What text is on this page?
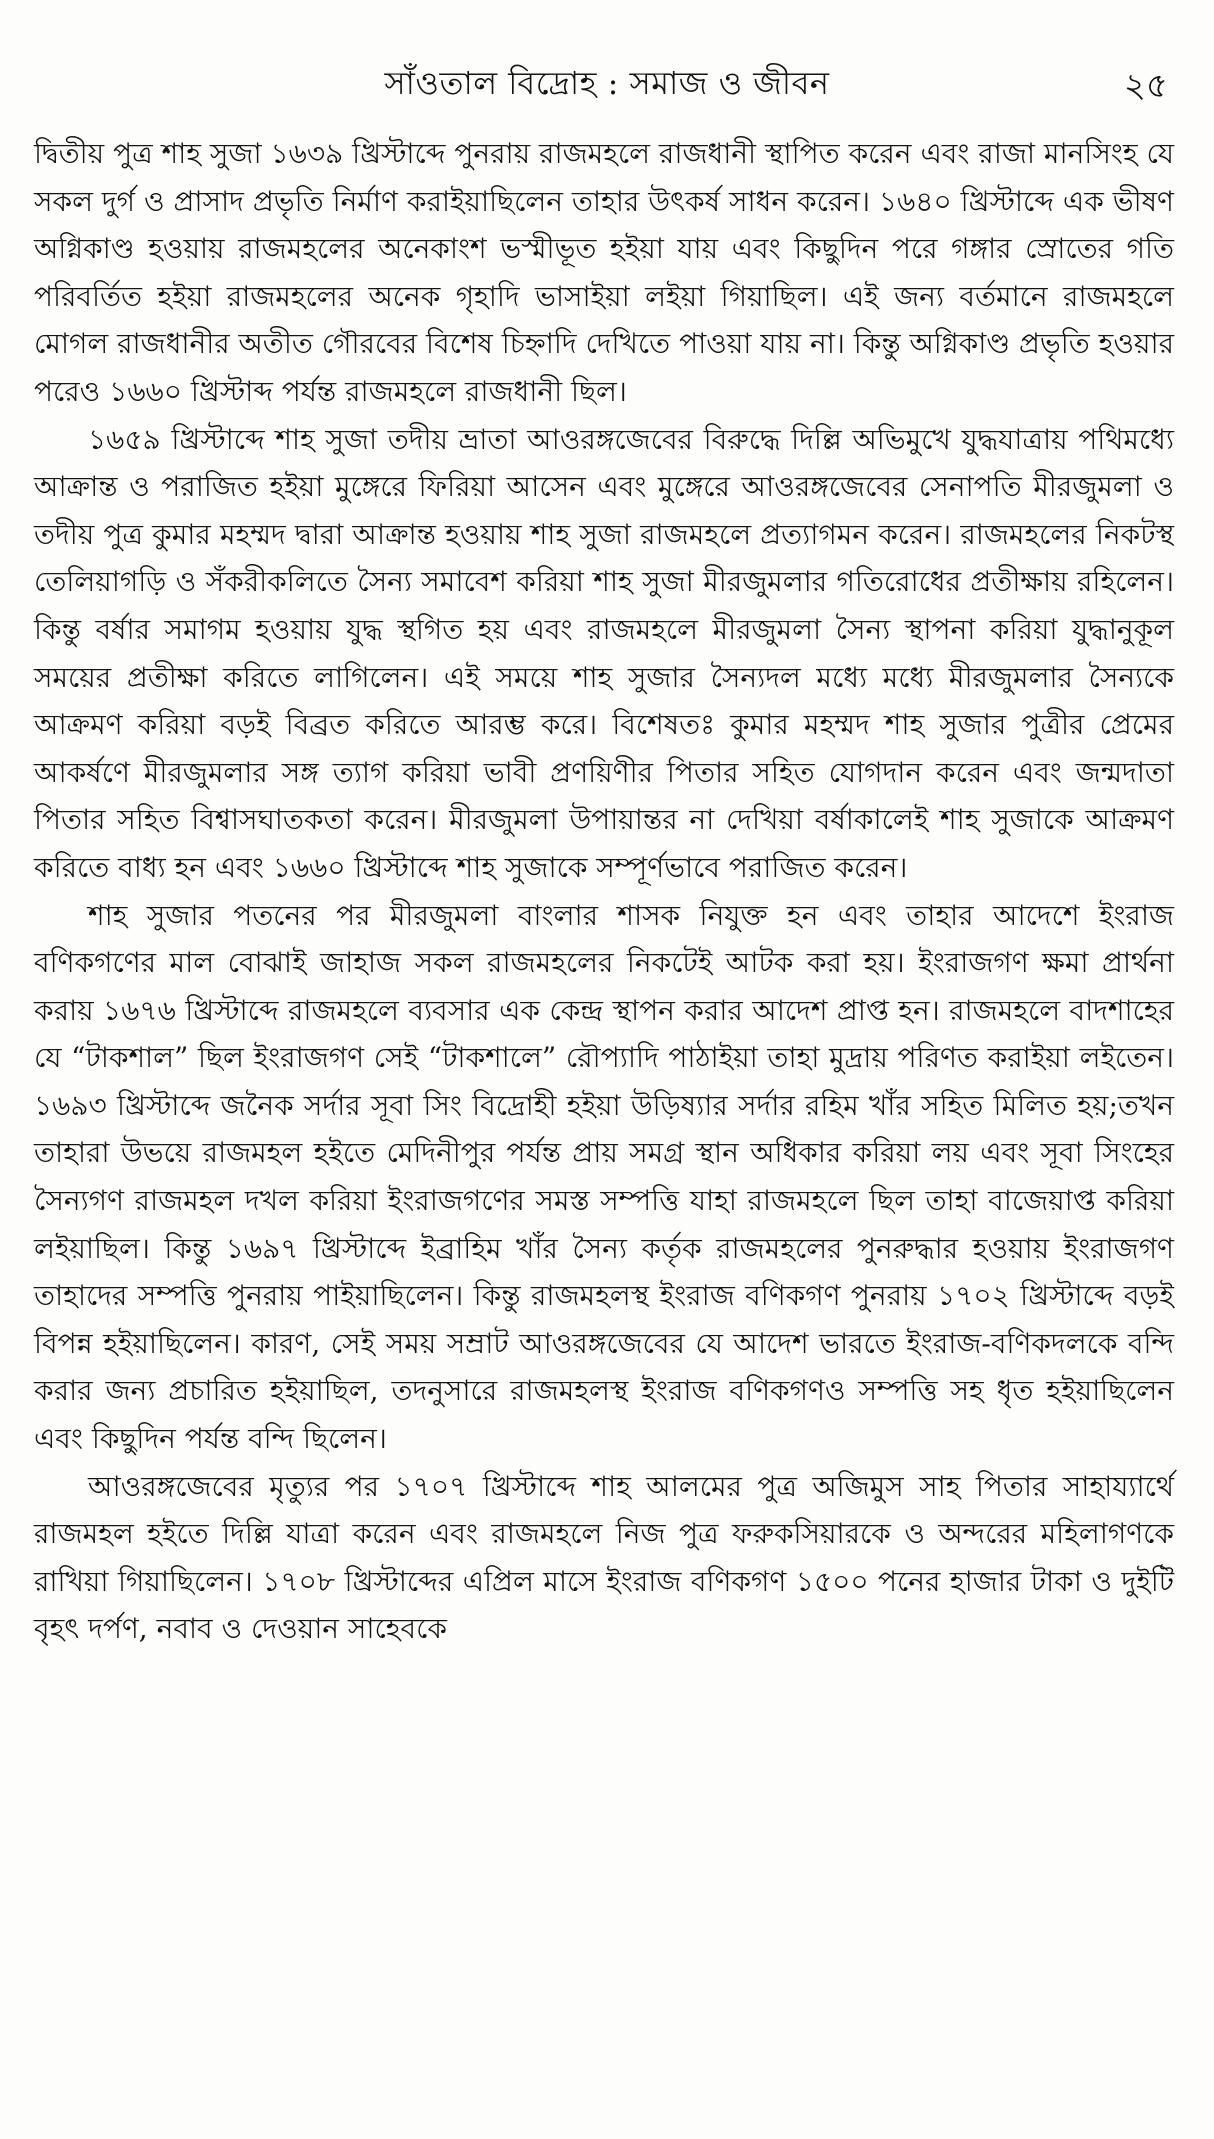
সাঁওতাল বিদ্রোহ : সমাজ ও জীবন	২৫

দ্বিতীয় পুত্র শাহ সুজা ১৬৩৯ খ্রিস্টাব্দে পুনরায় রাজমহলে রাজধানী স্থাপিত করেন এবং রাজা মানসিংহ যে সকল দুর্গ ও প্রাসাদ প্রভৃতি নির্মাণ করাইয়াছিলেন তাহার উৎকর্ষ সাধন করেন। ১৬৪০ খ্রিস্টাব্দে এক ভীষণ অগ্নিকাণ্ড হওয়ায় রাজমহলের অনেকাংশ ভস্মীভূত হইয়া যায় এবং কিছুদিন পরে গঙ্গার স্রোতের গতি পরিবর্তিত হইয়া রাজমহলের অনেক গৃহাদি ভাসাইয়া লইয়া গিয়াছিল। এই জন্য বর্তমানে রাজমহলে মোগল রাজধানীর অতীত গৌরবের বিশেষ চিহ্নাদি দেখিতে পাওয়া যায় না। কিন্তু অগ্নিকাণ্ড প্রভৃতি হওয়ার পরেও ১৬৬০ খ্রিস্টাব্দ পর্যন্ত রাজমহলে রাজধানী ছিল।

১৬৫৯ খ্রিস্টাব্দে শাহ সুজা তদীয় ভ্রাতা আওরঙ্গজেবের বিরুদ্ধে দিল্লি অভিমুখে যুদ্ধযাত্রায় পথিমধ্যে আক্রান্ত ও পরাজিত হইয়া মুঙ্গেরে ফিরিয়া আসেন এবং মুঙ্গেরে আওরঙ্গজেবের সেনাপতি মীরজুমলা ও তদীয় পুত্র কুমার মহম্মদ দ্বারা আক্রান্ত হওয়ায় শাহ সুজা রাজমহলে প্রত্যাগমন করেন। রাজমহলের নিকটস্থ তেলিয়াগড়ি ও সঁকরীকলিতে সৈন্য সমাবেশ করিয়া শাহ সুজা মীরজুমলার গতিরোধের প্রতীক্ষায় রহিলেন। কিন্তু বর্ষার সমাগম হওয়ায় যুদ্ধ স্থগিত হয় এবং রাজমহলে মীরজুমলা সৈন্য স্থাপনা করিয়া যুদ্ধানুকূল সময়ের প্রতীক্ষা করিতে লাগিলেন। এই সময়ে শাহ সুজার সৈন্যদল মধ্যে মধ্যে মীরজুমলার সৈন্যকে আক্রমণ করিয়া বড়ই বিব্রত করিতে আরম্ভ করে। বিশেষতঃ কুমার মহম্মদ শাহ সুজার পুত্রীর প্রেমের আকর্ষণে মীরজুমলার সঙ্গ ত্যাগ করিয়া ভাবী প্রণয়িণীর পিতার সহিত যোগদান করেন এবং জন্মদাতা পিতার সহিত বিশ্বাসঘাতকতা করেন। মীরজুমলা উপায়ান্তর না দেখিয়া বর্ষাকালেই শাহ সুজাকে আক্রমণ করিতে বাধ্য হন এবং ১৬৬০ খ্রিস্টাব্দে শাহ সুজাকে সম্পূর্ণভাবে পরাজিত করেন।

শাহ সুজার পতনের পর মীরজুমলা বাংলার শাসক নিযুক্ত হন এবং তাহার আদেশে ইংরাজ বণিকগণের মাল বোঝাই জাহাজ সকল রাজমহলের নিকটেই আটক করা হয়। ইংরাজগণ ক্ষমা প্রার্থনা করায় ১৬৭৬ খ্রিস্টাব্দে রাজমহলে ব্যবসার এক কেন্দ্র স্থাপন করার আদেশ প্রাপ্ত হন। রাজমহলে বাদশাহের যে “টাকশাল” ছিল ইংরাজগণ সেই “টাকশালে” রৌপ্যাদি পাঠাইয়া তাহা মুদ্রায় পরিণত করাইয়া লইতেন। ১৬৯৩ খ্রিস্টাব্দে জনৈক সর্দার সূবা সিং বিদ্রোহী হইয়া উড়িষ্যার সর্দার রহিম খাঁর সহিত মিলিত হয়;তখন তাহারা উভয়ে রাজমহল হইতে মেদিনীপুর পর্যন্ত প্রায় সমগ্র স্থান অধিকার করিয়া লয় এবং সূবা সিংহের সৈন্যগণ রাজমহল দখল করিয়া ইংরাজগণের সমস্ত সম্পত্তি যাহা রাজমহলে ছিল তাহা বাজেয়াপ্ত করিয়া লইয়াছিল। কিন্তু ১৬৯৭ খ্রিস্টাব্দে ইব্রাহিম খাঁর সৈন্য কর্তৃক রাজমহলের পুনরুদ্ধার হওয়ায় ইংরাজগণ তাহাদের সম্পত্তি পুনরায় পাইয়াছিলেন। কিন্তু রাজমহলস্থ ইংরাজ বণিকগণ পুনরায় ১৭০২ খ্রিস্টাব্দে বড়ই বিপন্ন হইয়াছিলেন। কারণ, সেই সময় সম্রাট আওরঙ্গজেবের যে আদেশ ভারতে ইংরাজ-বণিকদলকে বন্দি করার জন্য প্রচারিত হইয়াছিল, তদনুসারে রাজমহলস্থ ইংরাজ বণিকগণও সম্পত্তি সহ ধৃত হইয়াছিলেন এবং কিছুদিন পর্যন্ত বন্দি ছিলেন।

আওরঙ্গজেবের মৃত্যুর পর ১৭০৭ খ্রিস্টাব্দে শাহ আলমের পুত্র অজিমুস সাহ পিতার সাহায্যার্থে রাজমহল হইতে দিল্লি যাত্রা করেন এবং রাজমহলে নিজ পুত্র ফরুকসিয়ারকে ও অন্দরের মহিলাগণকে রাখিয়া গিয়াছিলেন। ১৭০৮ খ্রিস্টাব্দের এপ্রিল মাসে ইংরাজ বণিকগণ ১৫০০ পনের হাজার টাকা ও দুইটি বৃহৎ দর্পণ, নবাব ও দেওয়ান সাহেবকে
